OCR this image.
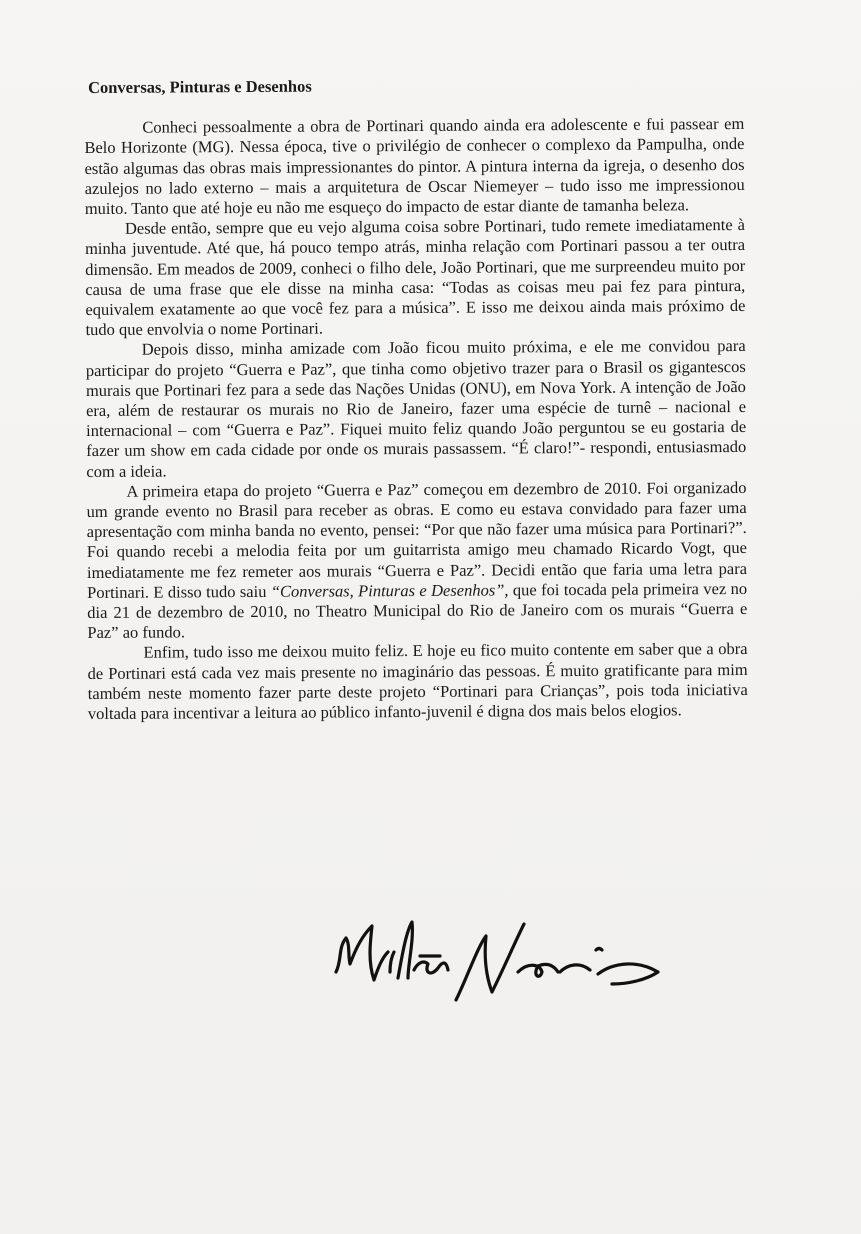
Conversas, Pinturas e Desenhos

Conheci pessoalmente a obra de Portinari quando ainda era adolescente e fui passear em Belo Horizonte (MG). Nessa época, tive o privilégio de conhecer o complexo da Pampulha, onde estão algumas das obras mais impressionantes do pintor. A pintura interna da igreja, o desenho dos azulejos no lado externo – mais a arquitetura de Oscar Niemeyer – tudo isso me impressionou muito. Tanto que até hoje eu não me esqueço do impacto de estar diante de tamanha beleza.

Desde então, sempre que eu vejo alguma coisa sobre Portinari, tudo remete imediatamente à minha juventude. Até que, há pouco tempo atrás, minha relação com Portinari passou a ter outra dimensão. Em meados de 2009, conheci o filho dele, João Portinari, que me surpreendeu muito por causa de uma frase que ele disse na minha casa: “Todas as coisas meu pai fez para pintura, equivalem exatamente ao que você fez para a música”. E isso me deixou ainda mais próximo de tudo que envolvia o nome Portinari.

Depois disso, minha amizade com João ficou muito próxima, e ele me convidou para participar do projeto “Guerra e Paz”, que tinha como objetivo trazer para o Brasil os gigantescos murais que Portinari fez para a sede das Nações Unidas (ONU), em Nova York. A intenção de João era, além de restaurar os murais no Rio de Janeiro, fazer uma espécie de turnê – nacional e internacional – com “Guerra e Paz”. Fiquei muito feliz quando João perguntou se eu gostaria de fazer um show em cada cidade por onde os murais passassem. “É claro!”- respondi, entusiasmado com a ideia.

A primeira etapa do projeto “Guerra e Paz” começou em dezembro de 2010. Foi organizado um grande evento no Brasil para receber as obras. E como eu estava convidado para fazer uma apresentação com minha banda no evento, pensei: “Por que não fazer uma música para Portinari?”. Foi quando recebi a melodia feita por um guitarrista amigo meu chamado Ricardo Vogt, que imediatamente me fez remeter aos murais “Guerra e Paz”. Decidi então que faria uma letra para Portinari. E disso tudo saiu “Conversas, Pinturas e Desenhos”, que foi tocada pela primeira vez no dia 21 de dezembro de 2010, no Theatro Municipal do Rio de Janeiro com os murais “Guerra e Paz” ao fundo.

Enfim, tudo isso me deixou muito feliz. E hoje eu fico muito contente em saber que a obra de Portinari está cada vez mais presente no imaginário das pessoas. É muito gratificante para mim também neste momento fazer parte deste projeto “Portinari para Crianças”, pois toda iniciativa voltada para incentivar a leitura ao público infanto-juvenil é digna dos mais belos elogios.
